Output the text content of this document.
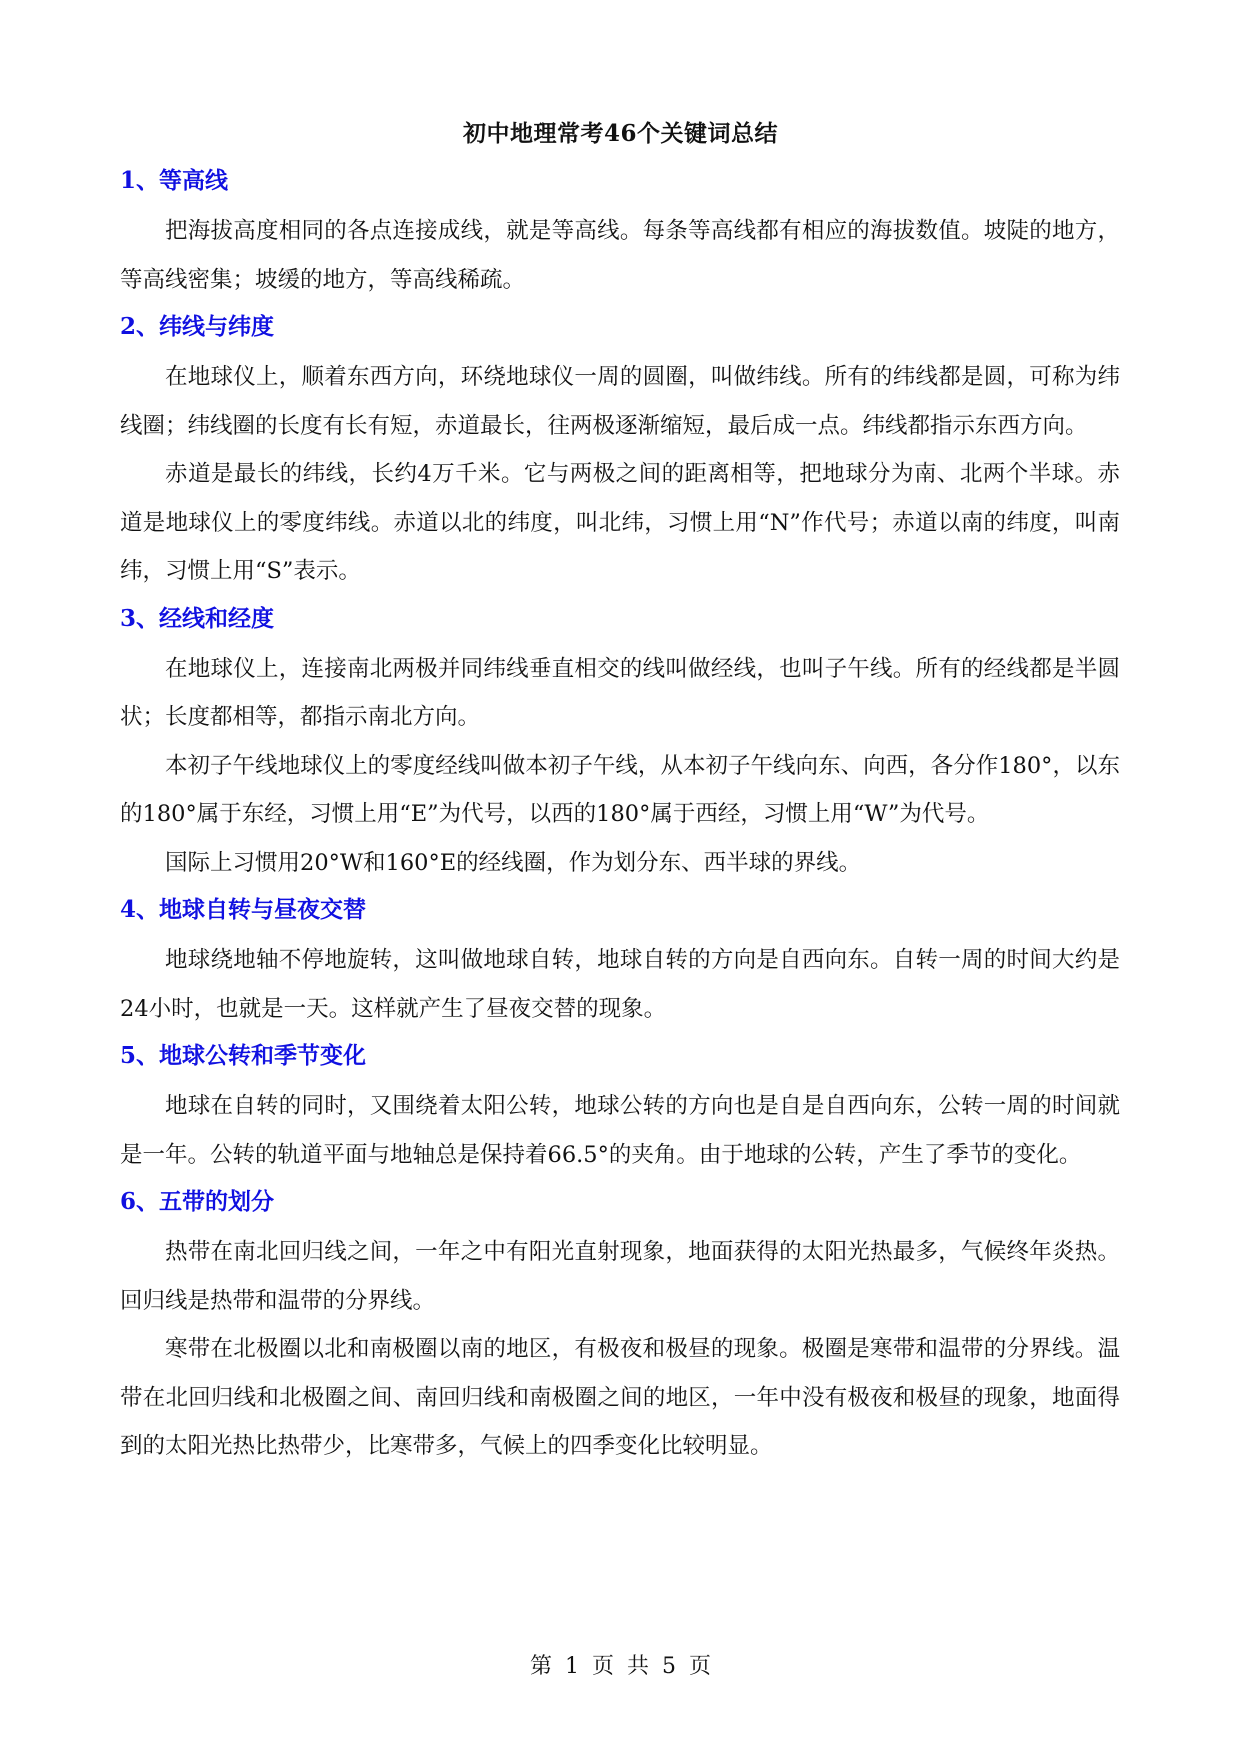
初中地理常考46个关键词总结
1、等高线

把海拔高度相同的各点连接成线，就是等高线。每条等高线都有相应的海拔数值。坡陡的地方，等高线密集；坡缓的地方，等高线稀疏。

2、纬线与纬度

在地球仪上，顺着东西方向，环绕地球仪一周的圆圈，叫做纬线。所有的纬线都是圆，可称为纬线圈；纬线圈的长度有长有短，赤道最长，往两极逐渐缩短，最后成一点。纬线都指示东西方向。

赤道是最长的纬线，长约4万千米。它与两极之间的距离相等，把地球分为南、北两个半球。赤道是地球仪上的零度纬线。赤道以北的纬度，叫北纬，习惯上用“N”作代号；赤道以南的纬度，叫南纬，习惯上用“S”表示。

3、经线和经度

在地球仪上，连接南北两极并同纬线垂直相交的线叫做经线，也叫子午线。所有的经线都是半圆状；长度都相等，都指示南北方向。

本初子午线地球仪上的零度经线叫做本初子午线，从本初子午线向东、向西，各分作180°，以东的180°属于东经，习惯上用“E”为代号，以西的180°属于西经，习惯上用“W”为代号。

国际上习惯用20°W和160°E的经线圈，作为划分东、西半球的界线。

4、地球自转与昼夜交替

地球绕地轴不停地旋转，这叫做地球自转，地球自转的方向是自西向东。自转一周的时间大约是24小时，也就是一天。这样就产生了昼夜交替的现象。

5、地球公转和季节变化

地球在自转的同时，又围绕着太阳公转，地球公转的方向也是自是自西向东，公转一周的时间就是一年。公转的轨道平面与地轴总是保持着66.5°的夹角。由于地球的公转，产生了季节的变化。

6、五带的划分

热带在南北回归线之间，一年之中有阳光直射现象，地面获得的太阳光热最多，气候终年炎热。回归线是热带和温带的分界线。

寒带在北极圈以北和南极圈以南的地区，有极夜和极昼的现象。极圈是寒带和温带的分界线。温带在北回归线和北极圈之间、南回归线和南极圈之间的地区，一年中没有极夜和极昼的现象，地面得到的太阳光热比热带少，比寒带多，气候上的四季变化比较明显。

第 1 页 共 5 页
